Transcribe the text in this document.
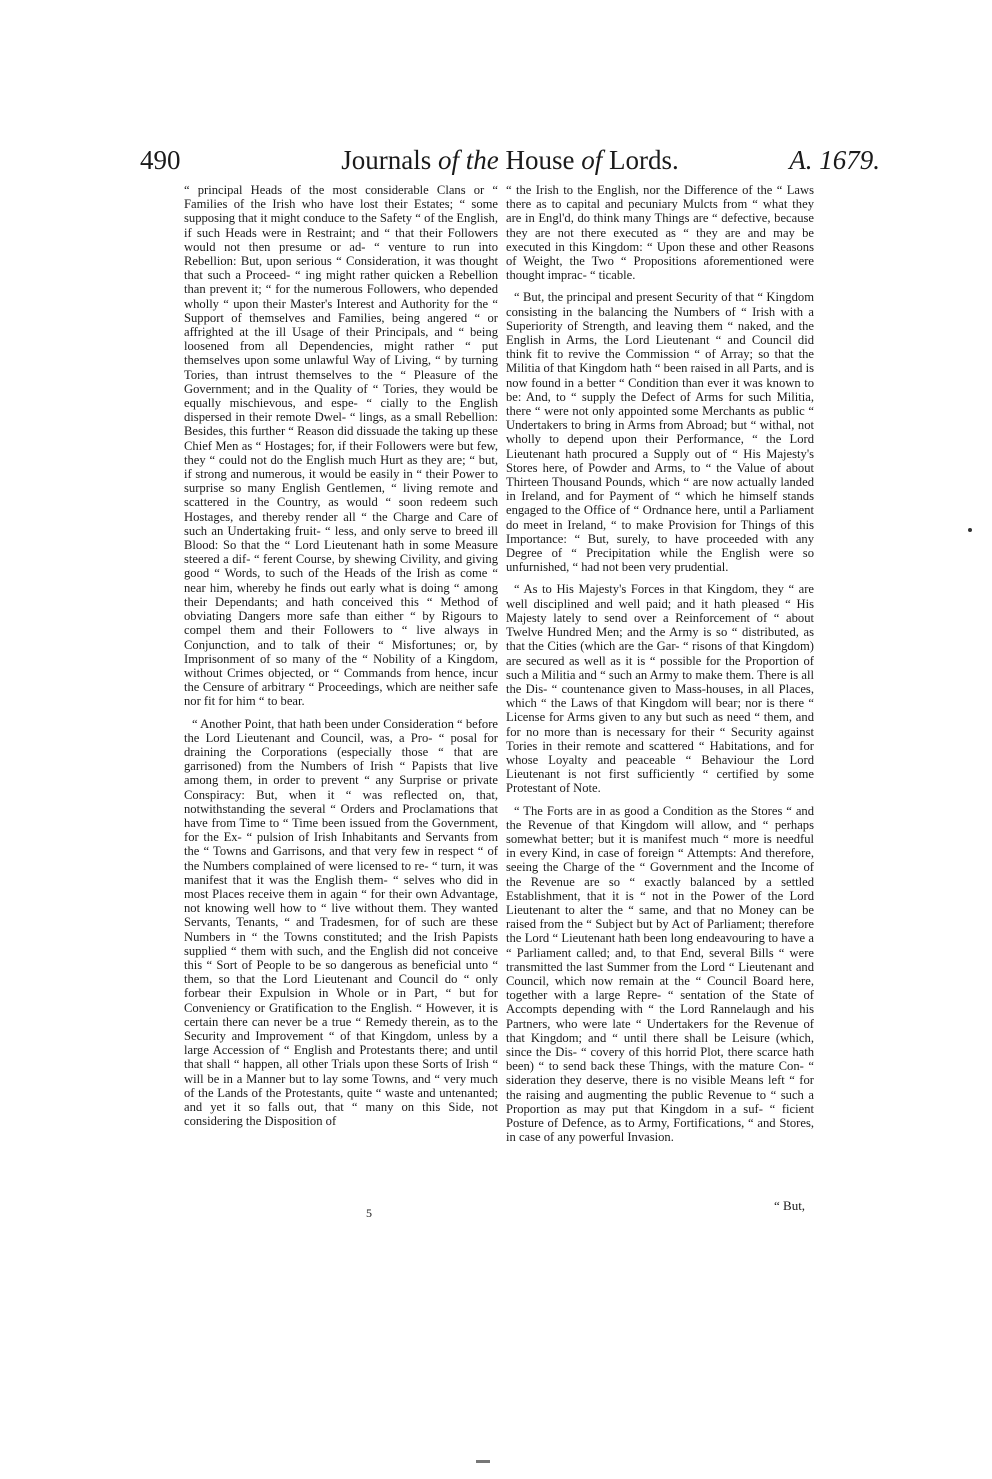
490	Journals of the House of Lords.	A. 1679.

“ principal Heads of the most considerable Clans or “ Families of the Irish who have lost their Estates; “ some supposing that it might conduce to the Safety “ of the English, if such Heads were in Restraint; and “ that their Followers would not then presume or ad- “ venture to run into Rebellion: But, upon serious “ Consideration, it was thought that such a Proceed- “ ing might rather quicken a Rebellion than prevent it; “ for the numerous Followers, who depended wholly “ upon their Master's Interest and Authority for the “ Support of themselves and Families, being angered “ or affrighted at the ill Usage of their Principals, and “ being loosened from all Dependencies, might rather “ put themselves upon some unlawful Way of Living, “ by turning Tories, than intrust themselves to the “ Pleasure of the Government; and in the Quality of “ Tories, they would be equally mischievous, and espe- “ cially to the English dispersed in their remote Dwel- “ lings, as a small Rebellion: Besides, this further “ Reason did dissuade the taking up these Chief Men as “ Hostages; for, if their Followers were but few, they “ could not do the English much Hurt as they are; “ but, if strong and numerous, it would be easily in “ their Power to surprise so many English Gentlemen, “ living remote and scattered in the Country, as would “ soon redeem such Hostages, and thereby render all “ the Charge and Care of such an Undertaking fruit- “ less, and only serve to breed ill Blood: So that the “ Lord Lieutenant hath in some Measure steered a dif- “ ferent Course, by shewing Civility, and giving good “ Words, to such of the Heads of the Irish as come “ near him, whereby he finds out early what is doing “ among their Dependants; and hath conceived this “ Method of obviating Dangers more safe than either “ by Rigours to compel them and their Followers to “ live always in Conjunction, and to talk of their “ Misfortunes; or, by Imprisonment of so many of the “ Nobility of a Kingdom, without Crimes objected, or “ Commands from hence, incur the Censure of arbitrary “ Proceedings, which are neither safe nor fit for him “ to bear.

“ Another Point, that hath been under Consideration “ before the Lord Lieutenant and Council, was, a Pro- “ posal for draining the Corporations (especially those “ that are garrisoned) from the Numbers of Irish “ Papists that live among them, in order to prevent “ any Surprise or private Conspiracy: But, when it “ was reflected on, that, notwithstanding the several “ Orders and Proclamations that have from Time to “ Time been issued from the Government, for the Ex- “ pulsion of Irish Inhabitants and Servants from the “ Towns and Garrisons, and that very few in respect “ of the Numbers complained of were licensed to re- “ turn, it was manifest that it was the English them- “ selves who did in most Places receive them in again “ for their own Advantage, not knowing well how to “ live without them. They wanted Servants, Tenants, “ and Tradesmen, for of such are these Numbers in “ the Towns constituted; and the Irish Papists supplied “ them with such, and the English did not conceive this “ Sort of People to be so dangerous as beneficial unto “ them, so that the Lord Lieutenant and Council do “ only forbear their Expulsion in Whole or in Part, “ but for Conveniency or Gratification to the English. “ However, it is certain there can never be a true “ Remedy therein, as to the Security and Improvement “ of that Kingdom, unless by a large Accession of “ English and Protestants there; and until that shall “ happen, all other Trials upon these Sorts of Irish “ will be in a Manner but to lay some Towns, and “ very much of the Lands of the Protestants, quite “ waste and untenanted; and yet it so falls out, that “ many on this Side, not considering the Disposition of

“ the Irish to the English, nor the Difference of the “ Laws there as to capital and pecuniary Mulcts from “ what they are in Engl'd, do think many Things are “ defective, because they are not there executed as “ they are and may be executed in this Kingdom: “ Upon these and other Reasons of Weight, the Two “ Propositions aforementioned were thought imprac- “ ticable.

“ But, the principal and present Security of that “ Kingdom consisting in the balancing the Numbers of “ Irish with a Superiority of Strength, and leaving them “ naked, and the English in Arms, the Lord Lieutenant “ and Council did think fit to revive the Commission “ of Array; so that the Militia of that Kingdom hath “ been raised in all Parts, and is now found in a better “ Condition than ever it was known to be: And, to “ supply the Defect of Arms for such Militia, there “ were not only appointed some Merchants as public “ Undertakers to bring in Arms from Abroad; but “ withal, not wholly to depend upon their Performance, “ the Lord Lieutenant hath procured a Supply out of “ His Majesty's Stores here, of Powder and Arms, to “ the Value of about Thirteen Thousand Pounds, which “ are now actually landed in Ireland, and for Payment of “ which he himself stands engaged to the Office of “ Ordnance here, until a Parliament do meet in Ireland, “ to make Provision for Things of this Importance: “ But, surely, to have proceeded with any Degree of “ Precipitation while the English were so unfurnished, “ had not been very prudential.

“ As to His Majesty's Forces in that Kingdom, they “ are well disciplined and well paid; and it hath pleased “ His Majesty lately to send over a Reinforcement of “ about Twelve Hundred Men; and the Army is so “ distributed, as that the Cities (which are the Gar- “ risons of that Kingdom) are secured as well as it is “ possible for the Proportion of such a Militia and “ such an Army to make them. There is all the Dis- “ countenance given to Mass-houses, in all Places, which “ the Laws of that Kingdom will bear; nor is there “ License for Arms given to any but such as need “ them, and for no more than is necessary for their “ Security against Tories in their remote and scattered “ Habitations, and for whose Loyalty and peaceable “ Behaviour the Lord Lieutenant is not first sufficiently “ certified by some Protestant of Note.

“ The Forts are in as good a Condition as the Stores “ and the Revenue of that Kingdom will allow, and “ perhaps somewhat better; but it is manifest much “ more is needful in every Kind, in case of foreign “ Attempts: And therefore, seeing the Charge of the “ Government and the Income of the Revenue are so “ exactly balanced by a settled Establishment, that it is “ not in the Power of the Lord Lieutenant to alter the “ same, and that no Money can be raised from the “ Subject but by Act of Parliament; therefore the Lord “ Lieutenant hath been long endeavouring to have a “ Parliament called; and, to that End, several Bills “ were transmitted the last Summer from the Lord “ Lieutenant and Council, which now remain at the “ Council Board here, together with a large Repre- “ sentation of the State of Accompts depending with “ the Lord Rannelaugh and his Partners, who were late “ Undertakers for the Revenue of that Kingdom; and “ until there shall be Leisure (which, since the Dis- “ covery of this horrid Plot, there scarce hath been) “ to send back these Things, with the mature Con- “ sideration they deserve, there is no visible Means left “ for the raising and augmenting the public Revenue to “ such a Proportion as may put that Kingdom in a suf- “ ficient Posture of Defence, as to Army, Fortifications, “ and Stores, in case of any powerful Invasion.

5	“ But,
